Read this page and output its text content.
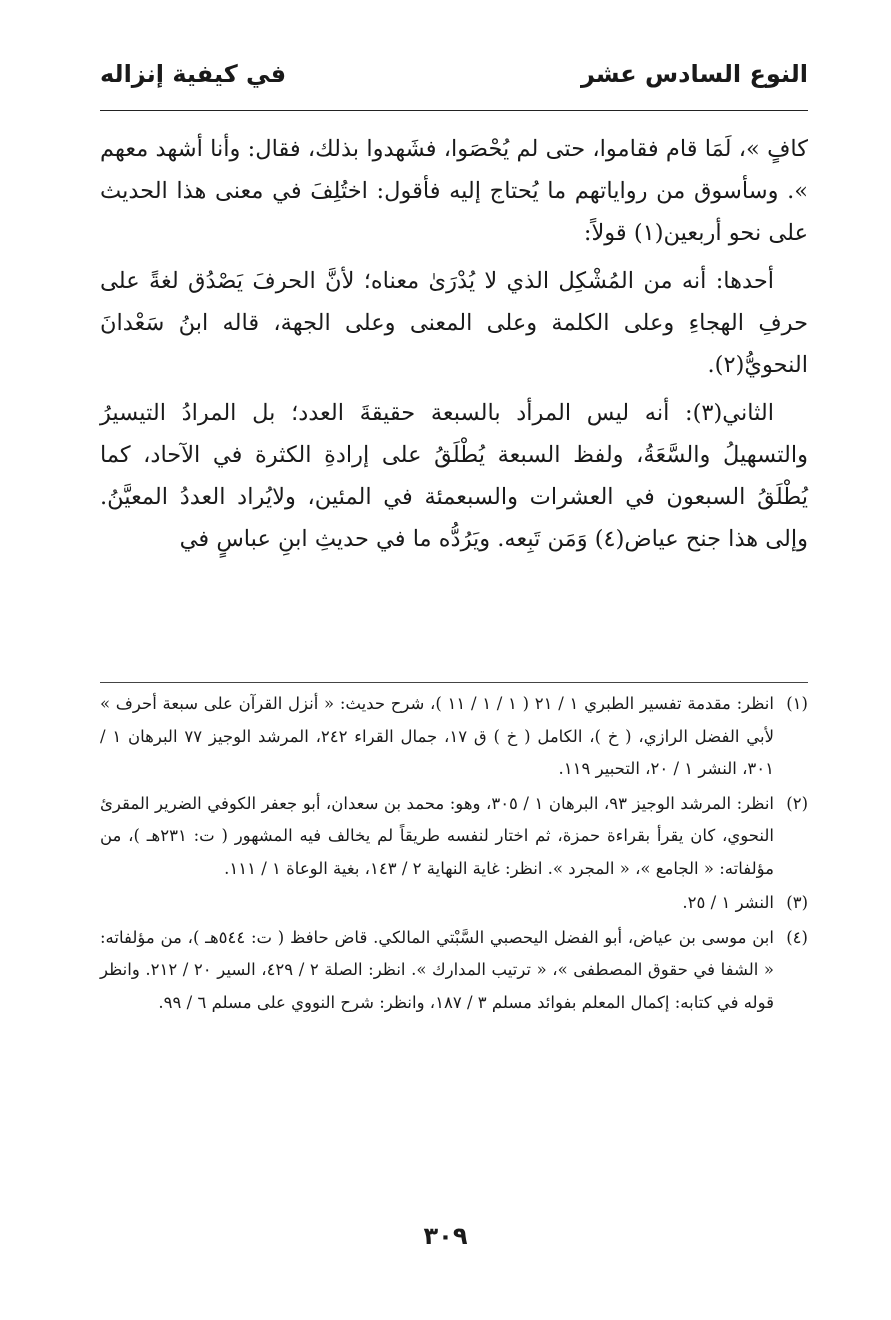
النوع السادس عشر
في كيفية إنزاله

كافٍ »، لَمَا قام فقاموا، حتى لم يُحْصَوا، فشَهدوا بذلك، فقال: وأنا أشهد معهم ». وسأسوق من رواياتهم ما يُحتاج إليه فأقول: اختُلِفَ في معنى هذا الحديث على نحو أربعين(١) قولاً:

أحدها: أنه من المُشْكِل الذي لا يُدْرَىٰ معناه؛ لأنَّ الحرفَ يَصْدُق لغةً على حرفِ الهجاءِ وعلى الكلمة وعلى المعنى وعلى الجهة، قاله ابنُ سَعْدانَ النحويُّ(٢).

الثاني(٣): أنه ليس المرأد بالسبعة حقيقةَ العدد؛ بل المرادُ التيسيرُ والتسهيلُ والسَّعَةُ، ولفظ السبعة يُطْلَقُ على إرادةِ الكثرة في الآحاد، كما يُطْلَقُ السبعون في العشرات والسبعمئة في المئين، ولايُراد العددُ المعيَّنُ. وإلى هذا جنح عياض(٤) وَمَن تَبِعه. ويَرُدُّه ما في حديثِ ابنِ عباسٍ في

(١)انظر: مقدمة تفسير الطبري ١ / ٢١ ( ١ / ١ / ١١ )، شرح حديث: « أنزل القرآن على سبعة أحرف » لأبي الفضل الرازي، ( خ )، الكامل ( خ ) ق ١٧، جمال القراء ٢٤٢، المرشد الوجيز ٧٧ البرهان ١ / ٣٠١، النشر ١ / ٢٠، التحبير ١١٩.

(٢)انظر: المرشد الوجيز ٩٣، البرهان ١ / ٣٠٥، وهو: محمد بن سعدان، أبو جعفر الكوفي الضرير المقرئ النحوي، كان يقرأ بقراءة حمزة، ثم اختار لنفسه طريقاً لم يخالف فيه المشهور ( ت: ٢٣١هـ )، من مؤلفاته: « الجامع »، « المجرد ». انظر: غاية النهاية ٢ / ١٤٣، بغية الوعاة ١ / ١١١.

(٣)النشر ١ / ٢٥.

(٤)ابن موسى بن عياض، أبو الفضل اليحصبي السَّبْتي المالكي. قاض حافظ ( ت: ٥٤٤هـ )، من مؤلفاته: « الشفا في حقوق المصطفى »، « ترتيب المدارك ». انظر: الصلة ٢ / ٤٢٩، السير ٢٠ / ٢١٢. وانظر قوله في كتابه: إكمال المعلم بفوائد مسلم ٣ / ١٨٧، وانظر: شرح النووي على مسلم ٦ / ٩٩.

٣٠٩
